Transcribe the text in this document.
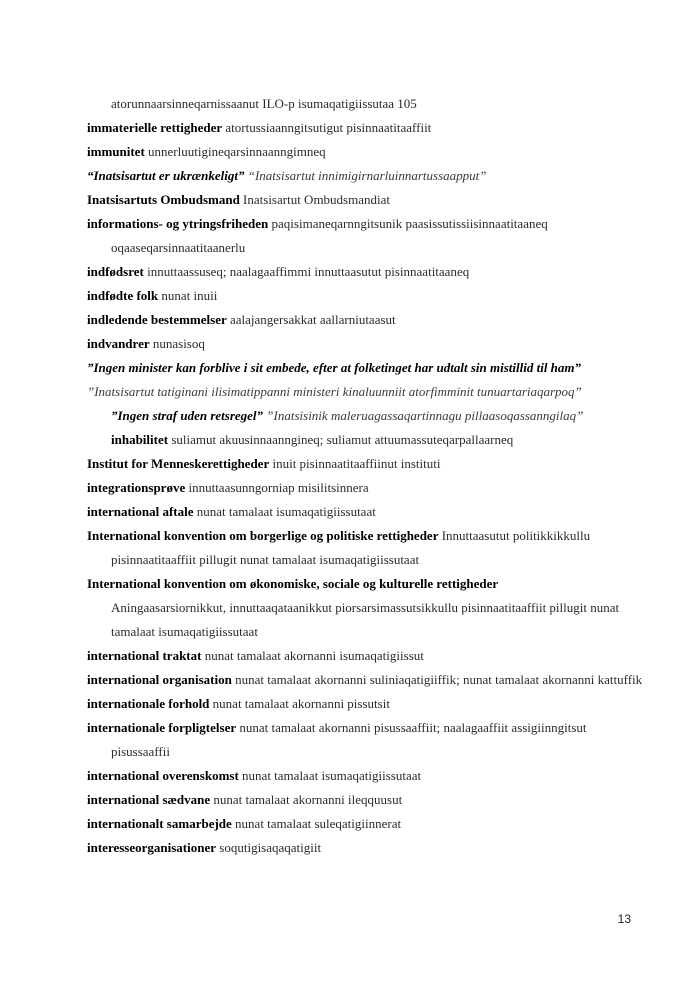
atorunnaarsinneqarnissaanut ILO-p isumaqatigiissutaa 105

immaterielle rettigheder atortussiaanngitsutigut pisinnaatitaaffiit

immunitet unnerluutigineqarsinnaanngimneq

“Inatsisartut er ukrænkeligt” “Inatsisartut innimigirnarluinnartussaapput”

Inatsisartuts Ombudsmand Inatsisartut Ombudsmandiat

informations- og ytringsfriheden paqisimaneqarnngitsunik paasissutissiisinnaatitaaneq oqaaseqarsinnaatitaanerlu

indfødsret innuttaassuseq; naalagaaffimmi innuttaasutut pisinnaatitaaneq

indfødte folk nunat inuii

indledende bestemmelser aalajangersakkat aallarniutaasut

indvandrer nunasisoq

”Ingen minister kan forblive i sit embede, efter at folketinget har udtalt sin mistillid til ham”

”Inatsisartut tatiginani ilisimatippanni ministeri kinaluunniit atorfimminit tunuartariaqarpoq”

”Ingen straf uden retsregel” ”Inatsisinik maleruagassaqartinnagu pillaasoqassanngilaq”

inhabilitet suliamut akuusinnaanngineq; suliamut attuumassuteqarpallaarneq

Institut for Menneskerettigheder inuit pisinnaatitaaffiinut instituti

integrationsprøve innuttaasunngorniap misilitsinnera

international aftale nunat tamalaat isumaqatigiissutaat

International konvention om borgerlige og politiske rettigheder Innuttaasutut politikkikkullu pisinnaatitaaffiit pillugit nunat tamalaat isumaqatigiissutaat

International konvention om økonomiske, sociale og kulturelle rettigheder
Aningaasarsiornikkut, innuttaaqataanikkut piorsarsimassutsikkullu pisinnaatitaaffiit pillugit nunat tamalaat isumaqatigiissutaat

international traktat nunat tamalaat akornanni isumaqatigiissut

international organisation nunat tamalaat akornanni suliniaqatigiiffik; nunat tamalaat akornanni kattuffik

internationale forhold nunat tamalaat akornanni pissutsit

internationale forpligtelser nunat tamalaat akornanni pisussaaffiit; naalagaaffiit assigiinngitsut pisussaaffii

international overenskomst nunat tamalaat isumaqatigiissutaat

international sædvane nunat tamalaat akornanni ileqquusut

internationalt samarbejde nunat tamalaat suleqatigiinnerat

interesseorganisationer soqutigisaqaqatigiit

13
